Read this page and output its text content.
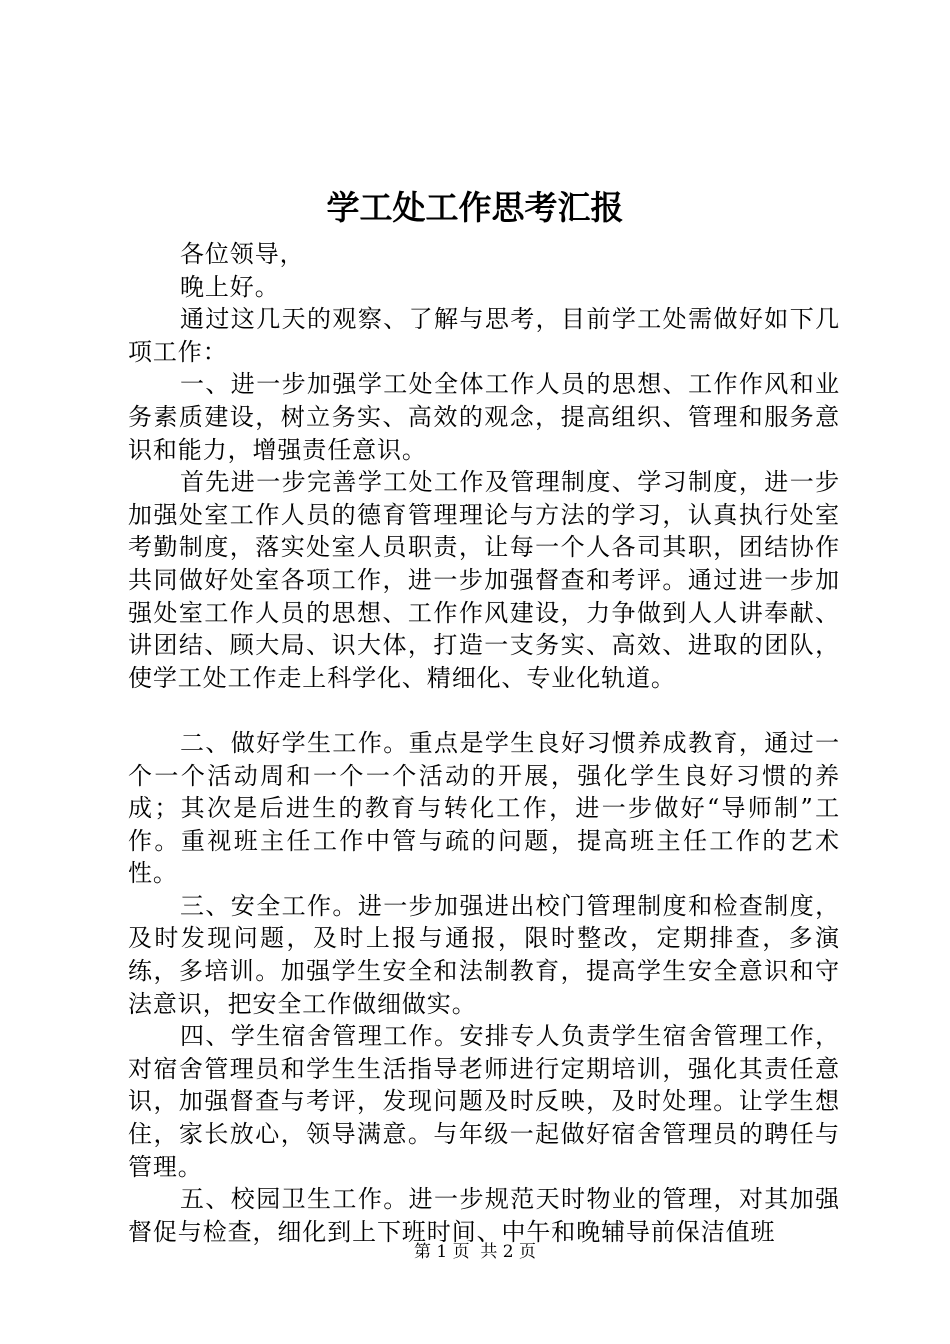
学工处工作思考汇报

各位领导，

晚上好。

通过这几天的观察、了解与思考，目前学工处需做好如下几项工作：

一、进一步加强学工处全体工作人员的思想、工作作风和业务素质建设，树立务实、高效的观念，提高组织、管理和服务意识和能力，增强责任意识。

首先进一步完善学工处工作及管理制度、学习制度，进一步加强处室工作人员的德育管理理论与方法的学习，认真执行处室考勤制度，落实处室人员职责，让每一个人各司其职，团结协作共同做好处室各项工作，进一步加强督查和考评。通过进一步加强处室工作人员的思想、工作作风建设，力争做到人人讲奉献、讲团结、顾大局、识大体，打造一支务实、高效、进取的团队，使学工处工作走上科学化、精细化、专业化轨道。

二、做好学生工作。重点是学生良好习惯养成教育，通过一个一个活动周和一个一个活动的开展，强化学生良好习惯的养成；其次是后进生的教育与转化工作，进一步做好“导师制”工作。重视班主任工作中管与疏的问题，提高班主任工作的艺术性。

三、安全工作。进一步加强进出校门管理制度和检查制度，及时发现问题，及时上报与通报，限时整改，定期排查，多演练，多培训。加强学生安全和法制教育，提高学生安全意识和守法意识，把安全工作做细做实。

四、学生宿舍管理工作。安排专人负责学生宿舍管理工作，对宿舍管理员和学生生活指导老师进行定期培训，强化其责任意识，加强督查与考评，发现问题及时反映，及时处理。让学生想住，家长放心，领导满意。与年级一起做好宿舍管理员的聘任与管理。

五、校园卫生工作。进一步规范天时物业的管理，对其加强督促与检查，细化到上下班时间、中午和晚辅导前保洁值班

第 1 页  共 2 页
